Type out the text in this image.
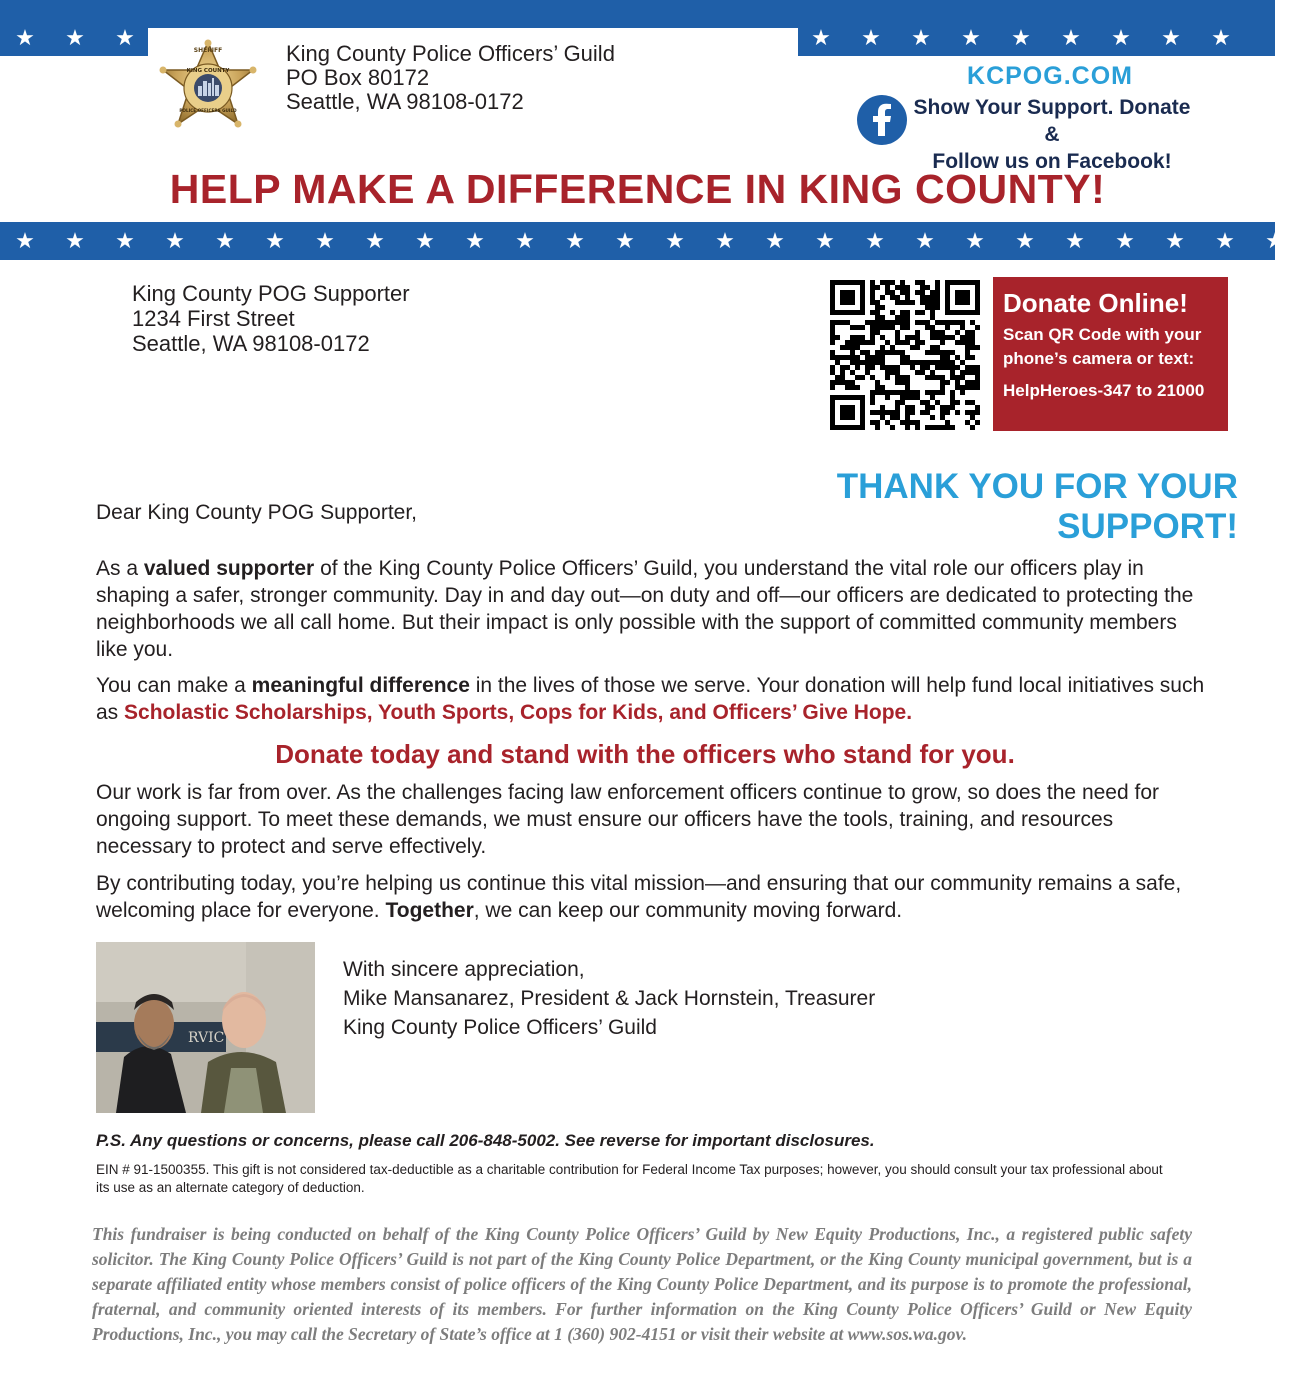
★ ★ ★	★ ★ ★ ★ ★ ★ ★ ★ ★
SHERIFF
KING COUNTY
POLICE OFFICERS GUILD
King County Police Officers’ Guild
PO Box 80172
Seattle, WA 98108-0172
KCPOG.COM
Show Your Support. Donate &
Follow us on Facebook!
HELP MAKE A DIFFERENCE IN KING COUNTY!
★ ★ ★ ★ ★ ★ ★ ★ ★ ★ ★ ★ ★ ★ ★ ★ ★ ★ ★ ★ ★ ★ ★ ★ ★ ★
King County POG Supporter
1234 First Street
Seattle, WA 98108-0172
Donate Online!
Scan QR Code with your
phone’s camera or text:
HelpHeroes-347 to 21000
THANK YOU FOR YOUR SUPPORT!
Dear King County POG Supporter,
As a valued supporter of the King County Police Officers’ Guild, you understand the vital role our officers play in shaping a safer, stronger community. Day in and day out—on duty and off—our officers are dedicated to protecting the neighborhoods we all call home. But their impact is only possible with the support of committed community members like you.
You can make a meaningful difference in the lives of those we serve. Your donation will help fund local initiatives such as Scholastic Scholarships, Youth Sports, Cops for Kids, and Officers’ Give Hope.
Donate today and stand with the officers who stand for you.
Our work is far from over. As the challenges facing law enforcement officers continue to grow, so does the need for ongoing support. To meet these demands, we must ensure our officers have the tools, training, and resources necessary to protect and serve effectively.
By contributing today, you’re helping us continue this vital mission—and ensuring that our community remains a safe, welcoming place for everyone. Together, we can keep our community moving forward.
RVIC
With sincere appreciation,
Mike Mansanarez, President & Jack Hornstein, Treasurer
King County Police Officers’ Guild
P.S. Any questions or concerns, please call 206-848-5002. See reverse for important disclosures.
EIN # 91-1500355. This gift is not considered tax-deductible as a charitable contribution for Federal Income Tax purposes; however, you should consult your tax professional about its use as an alternate category of deduction.
This fundraiser is being conducted on behalf of the King County Police Officers’ Guild by New Equity Productions, Inc., a registered public safety solicitor. The King County Police Officers’ Guild is not part of the King County Police Department, or the King County municipal government, but is a separate affiliated entity whose members consist of police officers of the King County Police Department, and its purpose is to promote the professional, fraternal, and community oriented interests of its members. For further information on the King County Police Officers’ Guild or New Equity Productions, Inc., you may call the Secretary of State’s office at 1 (360) 902-4151 or visit their website at www.sos.wa.gov.
